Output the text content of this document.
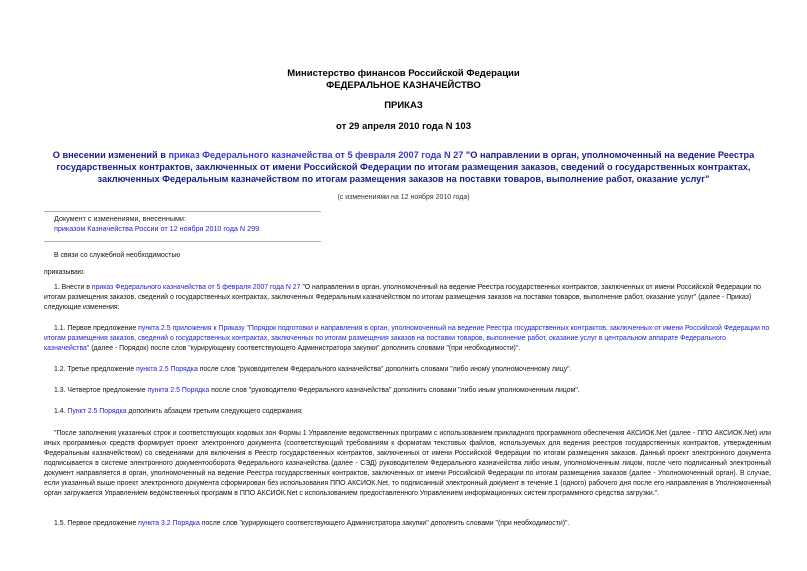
Министерство финансов Российской Федерации
ФЕДЕРАЛЬНОЕ КАЗНАЧЕЙСТВО
ПРИКАЗ
от 29 апреля 2010 года N 103
О внесении изменений в приказ Федерального казначейства от 5 февраля 2007 года N 27 "О направлении в орган, уполномоченный на ведение Реестра государственных контрактов, заключенных от имени Российской Федерации по итогам размещения заказов, сведений о государственных контрактах, заключенных Федеральным казначейством по итогам размещения заказов на поставки товаров, выполнение работ, оказание услуг"
(с изменениями на 12 ноября 2010 года)
Документ с изменениями, внесенными:
приказом Казначейства России от 12 ноября 2010 года N 299.
В связи со служебной необходимостью
приказываю:
1. Внести в приказ Федерального казначейства от 5 февраля 2007 года N 27 "О направлении в орган, уполномоченный на ведение Реестра государственных контрактов, заключенных от имени Российской Федерации по итогам размещения заказов, сведений о государственных контрактах, заключенных Федеральным казначейством по итогам размещения заказов на поставки товаров, выполнение работ, оказание услуг" (далее - Приказ) следующие изменения:
1.1. Первое предложение пункта 2.5 приложения к Приказу "Порядок подготовки и направления в орган, уполномоченный на ведение Реестра государственных контрактов, заключенных от имени Российской Федерации по итогам размещения заказов, сведений о государственных контрактах, заключенных по итогам размещения заказов на поставки товаров, выполнение работ, оказание услуг в центральном аппарате Федерального казначейства" (далее - Порядок) после слов "курирующему соответствующего Администратора закупки" дополнить словами "(при необходимости)".
1.2. Третье предложение пункта 2.5 Порядка после слов "руководителем Федерального казначейства" дополнить словами "либо иному уполномоченному лицу".
1.3. Четвертое предложение пункта 2.5 Порядка после слов "руководителю Федерального казначейства" дополнить словами "либо иным уполномоченным лицом".
1.4. Пункт 2.5 Порядка дополнить абзацем третьим следующего содержания:
"После заполнения указанных строк и соответствующих кодовых зон Формы 1 Управление ведомственных программ с использованием прикладного программного обеспечения АКСИОК.Net (далее - ППО АКСИОК.Net) или иных программных средств формирует проект электронного документа (соответствующий требованиям к форматам текстовых файлов, используемых для ведения реестров государственных контрактов, утвержденным Федеральным казначейством) со сведениями для включения в Реестр государственных контрактов, заключенных от имени Российской Федерации по итогам размещения заказов. Данный проект электронного документа подписывается в системе электронного документооборота Федерального казначейства (далее - СЭД) руководителем Федерального казначейства либо иным, уполномоченным лицом, после чего подписанный электронный документ направляется в орган, уполномоченный на ведение Реестра государственных контрактов, заключенных от имени Российской Федерации по итогам размещения заказов (далее - Уполномоченный орган). В случае, если указанный выше проект электронного документа сформирован без использования ППО АКСИОК.Net, то подписанный электронный документ в течение 1 (одного) рабочего дня после его направления в Уполномоченный орган загружается Управлением ведомственных программ в ППО АКСИОК.Net с использованием предоставленного Управлением информационных систем программного средства загрузки.".
1.5. Первое предложение пункта 3.2 Порядка после слов "курирующего соответствующего Администратора закупки" дополнить словами "(при необходимости)".
